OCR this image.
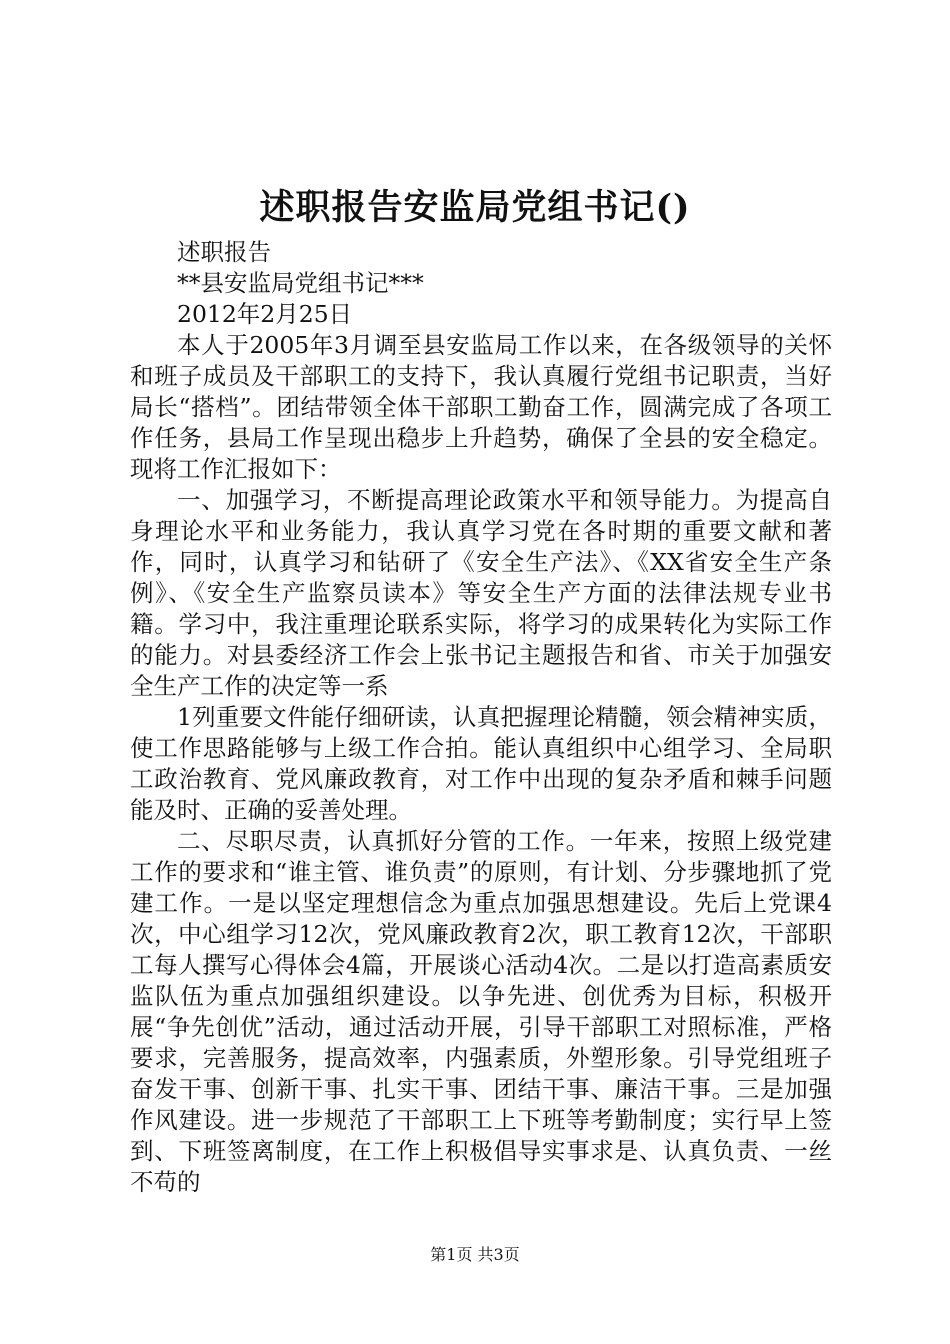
述职报告安监局党组书记()

述职报告

**县安监局党组书记***

2012年2月25日

本人于2005年3月调至县安监局工作以来，在各级领导的关怀和班子成员及干部职工的支持下，我认真履行党组书记职责，当好局长“搭档”。团结带领全体干部职工勤奋工作，圆满完成了各项工作任务，县局工作呈现出稳步上升趋势，确保了全县的安全稳定。现将工作汇报如下：

一、加强学习，不断提高理论政策水平和领导能力。为提高自身理论水平和业务能力，我认真学习党在各时期的重要文献和著作，同时，认真学习和钻研了《安全生产法》、《XX省安全生产条例》、《安全生产监察员读本》等安全生产方面的法律法规专业书籍。学习中，我注重理论联系实际，将学习的成果转化为实际工作的能力。对县委经济工作会上张书记主题报告和省、市关于加强安全生产工作的决定等一系

1列重要文件能仔细研读，认真把握理论精髓，领会精神实质，使工作思路能够与上级工作合拍。能认真组织中心组学习、全局职工政治教育、党风廉政教育，对工作中出现的复杂矛盾和棘手问题能及时、正确的妥善处理。

二、尽职尽责，认真抓好分管的工作。一年来，按照上级党建工作的要求和“谁主管、谁负责”的原则，有计划、分步骤地抓了党建工作。一是以坚定理想信念为重点加强思想建设。先后上党课4次，中心组学习12次，党风廉政教育2次，职工教育12次，干部职工每人撰写心得体会4篇，开展谈心活动4次。二是以打造高素质安监队伍为重点加强组织建设。以争先进、创优秀为目标，积极开展“争先创优”活动，通过活动开展，引导干部职工对照标准，严格要求，完善服务，提高效率，内强素质，外塑形象。引导党组班子奋发干事、创新干事、扎实干事、团结干事、廉洁干事。三是加强作风建设。进一步规范了干部职工上下班等考勤制度；实行早上签到、下班签离制度，在工作上积极倡导实事求是、认真负责、一丝不苟的

第1页 共3页
